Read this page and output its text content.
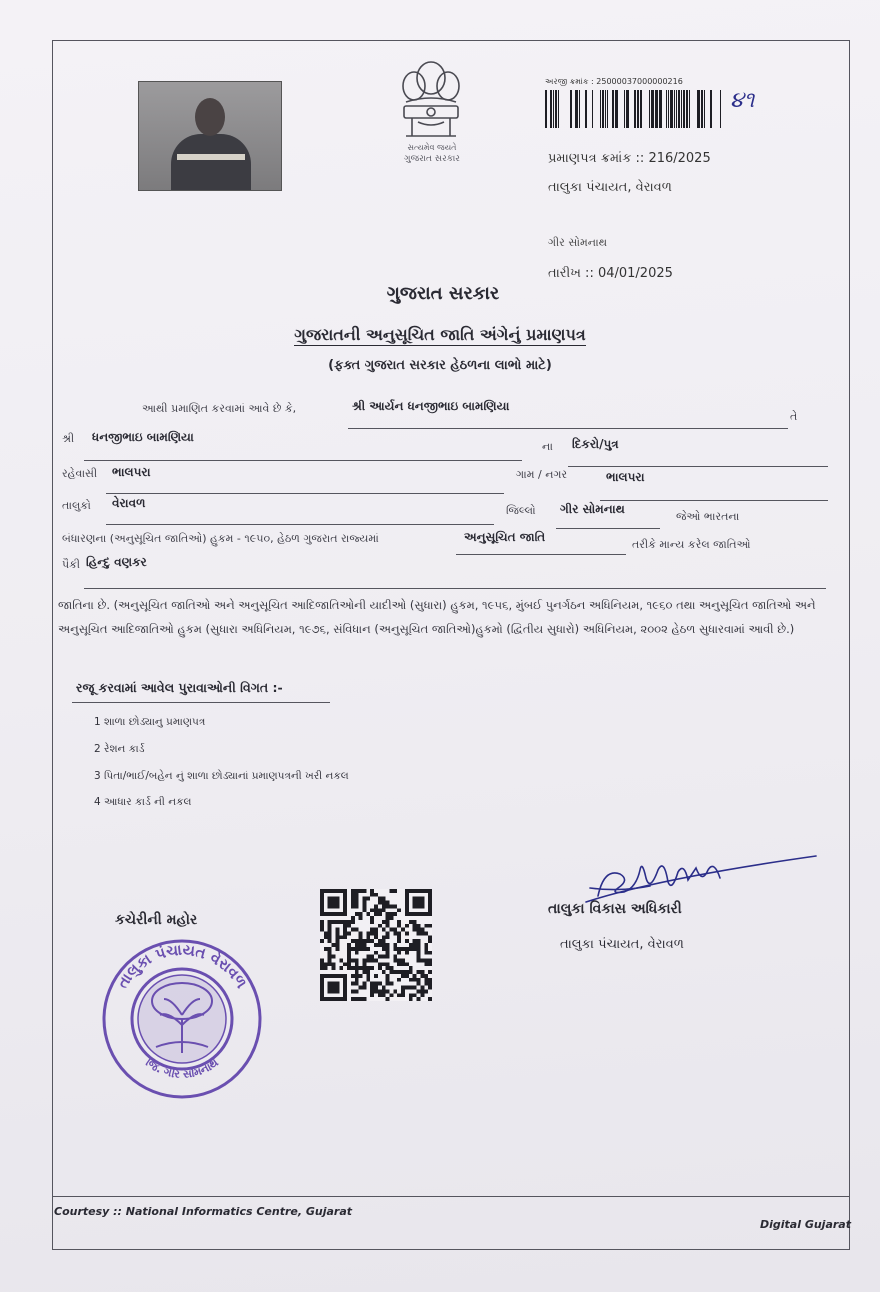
સત્યમેવ જયતે
ગુજરાત સરકાર
અરજી ક્રમાંક : 25000037000000216
૪૧
પ્રમાણપત્ર ક્રમાંક :: 216/2025
તાલુકા પંચાયત, વેરાવળ
ગીર સોમનાથ
તારીખ :: 04/01/2025
ગુજરાત સરકાર
ગુજરાતની અનુસૂચિત જાતિ અંગેનું પ્રમાણપત્ર
(ફક્ત ગુજરાત સરકાર હેઠળના લાભો માટે)
આથી પ્રમાણિત કરવામાં આવે છે કે,	શ્રી આર્યન ધનજીભાઇ બામણિયા
તે
શ્રી ધનજીભાઇ બામણિયા
ના દિકરો/પુત્ર
રહેવાસી ભાલપરા	ગામ / નગર	ભાલપરા
તાલુકો વેરાવળ
જિલ્લો ગીર સોમનાથ
જેઓ ભારતના
બંધારણના (અનુસૂચિત જાતિઓ) હુકમ - ૧૯૫૦, હેઠળ ગુજરાત રાજ્યમાં	અનુસૂચિત જાતિ
તરીકે માન્ય કરેલ જાતિઓ
પૈકી હિન્દુ વણકર
જાતિના છે. (અનુસૂચિત જાતિઓ અને અનુસૂચિત આદિજાતિઓની યાદીઓ (સુધારા) હુકમ, ૧૯૫૬, મુંબઈ પુનર્ગઠન અધિનિયમ, ૧૯૬૦ તથા અનુસૂચિત જાતિઓ અને અનુસૂચિત આદિજાતિઓ હુકમ (સુધારા અધિનિયમ, ૧૯૭૬, સંવિધાન (અનુસૂચિત જાતિઓ)હુકમો (દ્વિતીય સુધારો) અધિનિયમ, ૨૦૦૨ હેઠળ સુધારવામાં આવી છે.)
રજૂ કરવામાં આવેલ પુરાવાઓની વિગત :-
1 શાળા છોડ્યાનુ પ્રમાણપત્ર
2 રેશન કાર્ડ
3 પિતા/ભાઈ/બહેન નું શાળા છોડ્યાનાં પ્રમાણપત્રની ખરી નકલ
4 આધાર કાર્ડ ની નકલ
કચેરીની મહોર
તાલુકા પંચાયત વેરાવળ
જિ. ગીર સોમનાથ
તાલુકા વિકાસ અધિકારી
તાલુકા પંચાયત, વેરાવળ
Courtesy :: National Informatics Centre, Gujarat
Digital Gujarat
